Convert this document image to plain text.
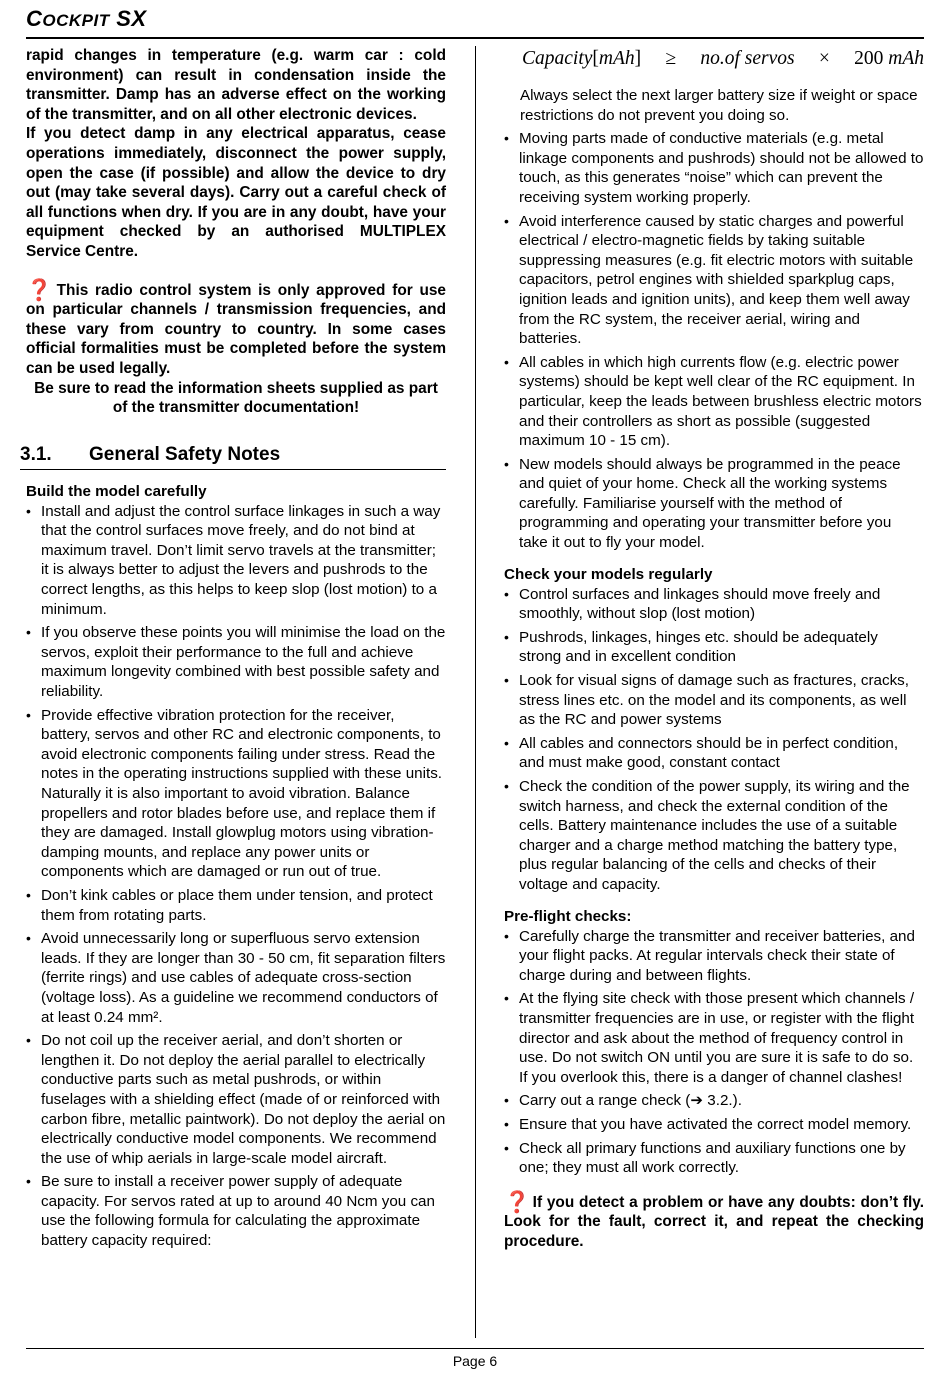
COCKPIT SX

rapid changes in temperature (e.g. warm car : cold environment) can result in condensation inside the transmitter. Damp has an adverse effect on the working of the transmitter, and on all other electronic devices.

If you detect damp in any electrical apparatus, cease operations immediately, disconnect the power supply, open the case (if possible) and allow the device to dry out (may take several days). Carry out a careful check of all functions when dry. If you are in any doubt, have your equipment checked by an authorised MULTIPLEX Service Centre.

❓ This radio control system is only approved for use on particular channels / transmission frequencies, and these vary from country to country. In some cases official formalities must be completed before the system can be used legally.

Be sure to read the information sheets supplied as part of the transmitter documentation!

3.1. General Safety Notes

Build the model carefully

• Install and adjust the control surface linkages in such a way that the control surfaces move freely, and do not bind at maximum travel. Don’t limit servo travels at the transmitter; it is always better to adjust the levers and pushrods to the correct lengths, as this helps to keep slop (lost motion) to a minimum.
• If you observe these points you will minimise the load on the servos, exploit their performance to the full and achieve maximum longevity combined with best possible safety and reliability.
• Provide effective vibration protection for the receiver, battery, servos and other RC and electronic components, to avoid electronic components failing under stress. Read the notes in the operating instructions supplied with these units. Naturally it is also important to avoid vibration. Balance propellers and rotor blades before use, and replace them if they are damaged. Install glowplug motors using vibration-damping mounts, and replace any power units or components which are damaged or run out of true.
• Don’t kink cables or place them under tension, and protect them from rotating parts.
• Avoid unnecessarily long or superfluous servo extension leads. If they are longer than 30 - 50 cm, fit separation filters (ferrite rings) and use cables of adequate cross-section (voltage loss). As a guideline we recommend conductors of at least 0.24 mm².
• Do not coil up the receiver aerial, and don’t shorten or lengthen it. Do not deploy the aerial parallel to electrically conductive parts such as metal pushrods, or within fuselages with a shielding effect (made of or reinforced with carbon fibre, metallic paintwork). Do not deploy the aerial on electrically conductive model components. We recommend the use of whip aerials in large-scale model aircraft.
• Be sure to install a receiver power supply of adequate capacity. For servos rated at up to around 40 Ncm you can use the following formula for calculating the approximate battery capacity required:
Capacity[mAh] ≥ no.of servos × 200 mAh

Always select the next larger battery size if weight or space restrictions do not prevent you doing so.

• Moving parts made of conductive materials (e.g. metal linkage components and pushrods) should not be allowed to touch, as this generates “noise” which can prevent the receiving system working properly.
• Avoid interference caused by static charges and powerful electrical / electro-magnetic fields by taking suitable suppressing measures (e.g. fit electric motors with suitable capacitors, petrol engines with shielded sparkplug caps, ignition leads and ignition units), and keep them well away from the RC system, the receiver aerial, wiring and batteries.
• All cables in which high currents flow (e.g. electric power systems) should be kept well clear of the RC equipment. In particular, keep the leads between brushless electric motors and their controllers as short as possible (suggested maximum 10 - 15 cm).
• New models should always be programmed in the peace and quiet of your home. Check all the working systems carefully. Familiarise yourself with the method of programming and operating your transmitter before you take it out to fly your model.

Check your models regularly

• Control surfaces and linkages should move freely and smoothly, without slop (lost motion)
• Pushrods, linkages, hinges etc. should be adequately strong and in excellent condition
• Look for visual signs of damage such as fractures, cracks, stress lines etc. on the model and its components, as well as the RC and power systems
• All cables and connectors should be in perfect condition, and must make good, constant contact
• Check the condition of the power supply, its wiring and the switch harness, and check the external condition of the cells. Battery maintenance includes the use of a suitable charger and a charge method matching the battery type, plus regular balancing of the cells and checks of their voltage and capacity.

Pre-flight checks:

• Carefully charge the transmitter and receiver batteries, and your flight packs. At regular intervals check their state of charge during and between flights.
• At the flying site check with those present which channels / transmitter frequencies are in use, or register with the flight director and ask about the method of frequency control in use. Do not switch ON until you are sure it is safe to do so. If you overlook this, there is a danger of channel clashes!
• Carry out a range check (➔ 3.2.).
• Ensure that you have activated the correct model memory.
• Check all primary functions and auxiliary functions one by one; they must all work correctly.

❓ If you detect a problem or have any doubts: don’t fly. Look for the fault, correct it, and repeat the checking procedure.

Page 6
